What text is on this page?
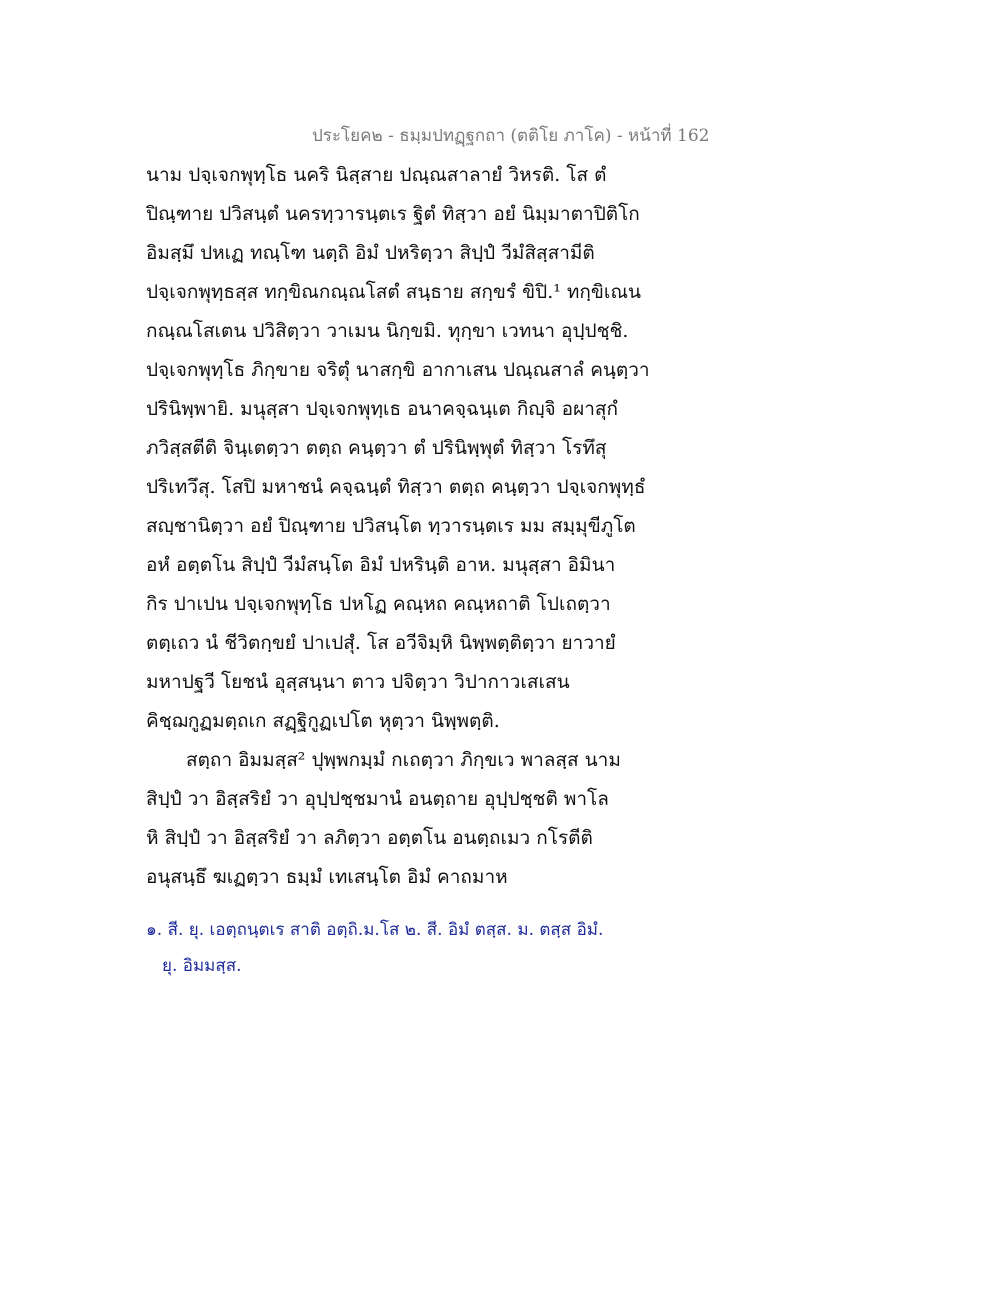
ประโยค๒ - ธมฺมปทฏฺฐกถา (ตติโย ภาโค) - หน้าที่ 162
นาม ปจฺเจกพุทฺโธ นคริ นิสฺสาย ปณฺณสาลายํ วิหรติ. โส ตํ
ปิณฺฑาย ปวิสนฺตํ นครทฺวารนฺตเร ฐิตํ ทิสฺวา อยํ นิมฺมาตาปิติโก
อิมสฺมึ ปหเฏ ทณฺโฑ นตฺถิ อิมํ ปหริตฺวา สิปฺปํ วีมํสิสฺสามีติ
ปจฺเจกพุทฺธสฺส ทกฺขิณกณฺณโสตํ สนฺธาย สกฺขรํ ขิปิ.¹ ทกฺขิเณน
กณฺณโสเตน ปวิสิตฺวา วาเมน นิกฺขมิ. ทุกฺขา เวทนา อุปฺปชฺชิ.
ปจฺเจกพุทฺโธ ภิกฺขาย จริตุํ นาสกฺขิ อากาเสน ปณฺณสาลํ คนฺตฺวา
ปรินิพฺพายิ. มนุสฺสา ปจฺเจกพุทฺเธ อนาคจฺฉนฺเต กิญฺจิ อผาสุกํ
ภวิสฺสตีติ จินฺเตตฺวา ตตฺถ คนฺตฺวา ตํ ปรินิพฺพุตํ ทิสฺวา โรทึสุ
ปริเทวึสุ. โสปิ มหาชนํ คจฺฉนฺตํ ทิสฺวา ตตฺถ คนฺตฺวา ปจฺเจกพุทฺธํ
สญฺชานิตฺวา อยํ ปิณฺฑาย ปวิสนฺโต ทฺวารนฺตเร มม สมฺมุขีภูโต
อหํ อตฺตโน สิปฺปํ วีมํสนฺโต อิมํ ปหรินฺติ อาห. มนุสฺสา อิมินา
กิร ปาเปน ปจฺเจกพุทฺโธ ปหโฏ คณฺหถ คณฺหถาติ โปเถตฺวา
ตตฺเถว นํ ชีวิตกฺขยํ ปาเปสุํ. โส อวีจิมฺหิ นิพฺพตฺติตฺวา ยาวายํ
มหาปฐวี โยชนํ อุสฺสนฺนา ตาว ปจิตฺวา วิปากาวเสเสน
คิชฺฌกูฏมตฺถเก สฏฺฐิกูฏเปโต หุตฺวา นิพฺพตฺติ.
สตฺถา อิมมสฺส² ปุพฺพกมฺมํ กเถตฺวา ภิกฺขเว พาลสฺส นาม
สิปฺปํ วา อิสฺสริยํ วา อุปฺปชฺชมานํ อนตฺถาย อุปฺปชฺชติ พาโล
หิ สิปฺปํ วา อิสฺสริยํ วา ลภิตฺวา อตฺตโน อนตฺถเมว กโรตีติ
อนุสนฺธึ ฆเฏตฺวา ธมฺมํ เทเสนฺโต อิมํ คาถมาห
๑. สี. ยุ. เอตฺถนฺตเร สาติ อตฺถิ.ม.โส ๒. สี. อิมํ ตสฺส. ม. ตสฺส อิมํ.
ยุ. อิมมสฺส.
